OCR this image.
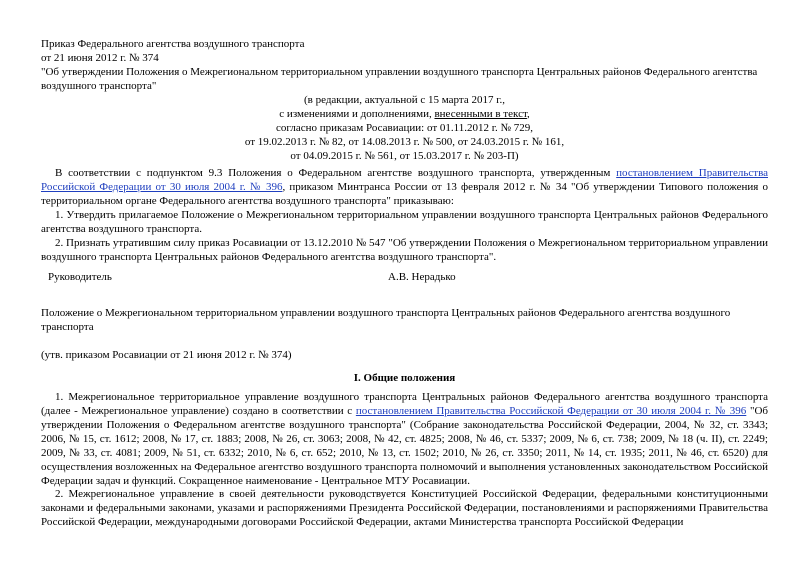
Приказ Федерального агентства воздушного транспорта
от 21 июня 2012 г. № 374
"Об утверждении Положения о Межрегиональном территориальном управлении воздушного транспорта Центральных районов Федерального агентства воздушного транспорта"
(в редакции, актуальной с 15 марта 2017 г.,
с изменениями и дополнениями, внесенными в текст,
согласно приказам Росавиации: от 01.11.2012 г. № 729,
от 19.02.2013 г. № 82, от 14.08.2013 г. № 500, от 24.03.2015 г. № 161,
от 04.09.2015 г. № 561, от 15.03.2017 г. № 203-П)
В соответствии с подпунктом 9.3 Положения о Федеральном агентстве воздушного транспорта, утвержденным постановлением Правительства Российской Федерации от 30 июля 2004 г. № 396, приказом Минтранса России от 13 февраля 2012 г. № 34 "Об утверждении Типового положения о территориальном органе Федерального агентства воздушного транспорта" приказываю:
1. Утвердить прилагаемое Положение о Межрегиональном территориальном управлении воздушного транспорта Центральных районов Федерального агентства воздушного транспорта.
2. Признать утратившим силу приказ Росавиации от 13.12.2010 № 547 "Об утверждении Положения о Межрегиональном территориальном управлении воздушного транспорта Центральных районов Федерального агентства воздушного транспорта".
Руководитель	А.В. Нерадько
Положение о Межрегиональном территориальном управлении воздушного транспорта Центральных районов Федерального агентства воздушного транспорта
(утв. приказом Росавиации от 21 июня 2012 г. № 374)
I. Общие положения
1. Межрегиональное территориальное управление воздушного транспорта Центральных районов Федерального агентства воздушного транспорта (далее - Межрегиональное управление) создано в соответствии с постановлением Правительства Российской Федерации от 30 июля 2004 г. № 396 "Об утверждении Положения о Федеральном агентстве воздушного транспорта" (Собрание законодательства Российской Федерации, 2004, № 32, ст. 3343; 2006, № 15, ст. 1612; 2008, № 17, ст. 1883; 2008, № 26, ст. 3063; 2008, № 42, ст. 4825; 2008, № 46, ст. 5337; 2009, № 6, ст. 738; 2009, № 18 (ч. II), ст. 2249; 2009, № 33, ст. 4081; 2009, № 51, ст. 6332; 2010, № 6, ст. 652; 2010, № 13, ст. 1502; 2010, № 26, ст. 3350; 2011, № 14, ст. 1935; 2011, № 46, ст. 6520) для осуществления возложенных на Федеральное агентство воздушного транспорта полномочий и выполнения установленных законодательством Российской Федерации задач и функций. Сокращенное наименование - Центральное МТУ Росавиации.
2. Межрегиональное управление в своей деятельности руководствуется Конституцией Российской Федерации, федеральными конституционными законами и федеральными законами, указами и распоряжениями Президента Российской Федерации, постановлениями и распоряжениями Правительства Российской Федерации, международными договорами Российской Федерации, актами Министерства транспорта Российской Федерации
